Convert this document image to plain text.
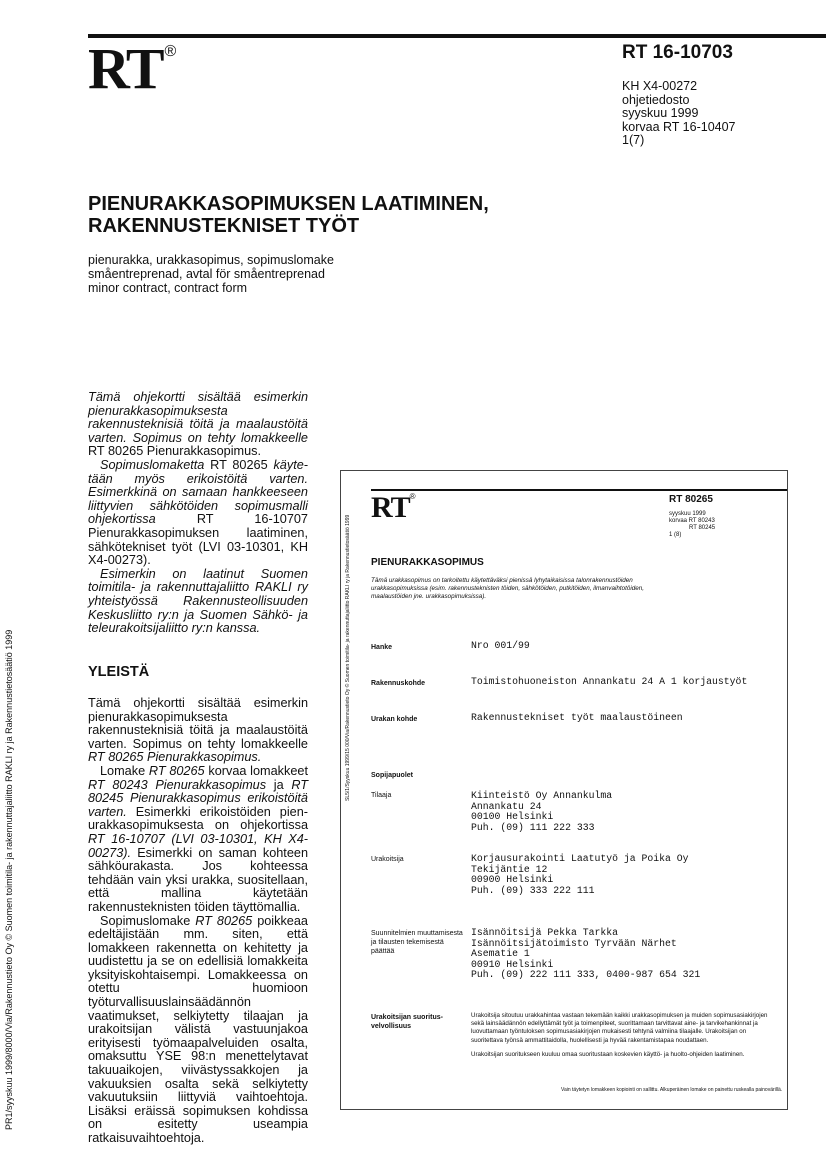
RT ®	RT 16-10703
KH X4-00272
ohjetiedosto
syyskuu 1999
korvaa RT 16-10407
1(7)
PIENURAKKASOPIMUKSEN LAATIMINEN,
RAKENNUSTEKNISET TYÖT
pienurakka, urakkasopimus, sopimuslomake
småentreprenad, avtal för småentreprenad
minor contract, contract form

Tämä ohjekortti sisältää esimerkin pienurakkasopimuksesta rakennusteknisiä töitä ja maalaustöitä varten. Sopimus on tehty lomakkeelle RT 80265 Pienurakkasopimus.

Sopimuslomaketta RT 80265 käytetään myös erikoistöitä varten. Esimerkkinä on samaan hankkeeseen liittyvien sähkötöiden sopimusmalli ohjekortissa	RT 16-10707 Pienurakkasopimuksen laatiminen, sähkötekniset työt (LVI 03-10301, KH X4-00273).

Esimerkin on laatinut Suomen toimitila- ja rakennuttajaliitto RAKLI ry yhteistyössä Rakennusteollisuuden Keskusliitto ry:n ja Suomen Sähkö- ja teleurakoitsijaliitto ry:n kanssa.

YLEISTÄ

Tämä ohjekortti sisältää esimerkin pienurakkasopimuksesta rakennusteknisiä töitä ja maalaustöitä varten. Sopimus on tehty lomakkeelle RT 80265 Pienurakkasopimus.

Lomake RT 80265 korvaa lomakkeet RT 80243 Pienurakkasopimus ja RT 80245 Pienurakkasopimus erikoistöitä varten. Esimerkki erikoistöiden pienurakkasopimuksesta on ohjekortissa RT 16-10707 (LVI 03-10301, KH X4-00273). Esimerkki on saman kohteen sähköurakasta. Jos kohteessa tehdään vain yksi urakka, suositellaan, että mallina käytetään rakennusteknisten töiden täyttömallia.

Sopimuslomake RT 80265 poikkeaa edeltäjistään mm. siten, että lomakkeen rakennetta on kehitetty ja uudistettu ja se on edellisiä lomakkeita yksityiskohtaisempi. Lomakkeessa on otettu huomioon työturvallisuuslainsäädännön vaatimukset, selkiytetty tilaajan ja urakoitsijan välistä vastuunjakoa erityisesti työmaapalveluiden osalta, omaksuttu YSE 98:n menettelytavat takuuaikojen, viivästyssakkojen ja vakuuksien osalta sekä selkiytetty vakuutuksiin liittyviä vaihtoehtoja. Lisäksi eräissä sopimuksen kohdissa on esitetty useampia ratkaisuvaihtoehtoja.

PR1/syyskuu 1999/8000/Via/Rakennustieto Oy © Suomen toimitila- ja rakennuttajaliitto RAKLI ry ja Rakennustietosäätiö 1999
RT®	RT 80265
syyskuu 1999
korvaa RT 80243
RT 80245
1 (8)
PIENURAKKASOPIMUS
Tämä urakkasopimus on tarkoitettu käytettäväksi pienissä lyhytaikaisissa talonrakennustöiden urakkasopimuksissa (esim. rakennusteknisten töiden, sähkötöiden, putkitöiden, ilmanvaihtotöiden, maalaustöiden jne. urakkasopimuksissa).
Hanke	Nro 001/99
Rakennuskohde	Toimistohuoneiston Annankatu 24 A 1 korjaustyöt
Urakan kohde	Rakennustekniset työt maalaustöineen
Sopijapuolet
Tilaaja	Kiinteistö Oy Annankulma
Annankatu 24
00100 Helsinki
Puh. (09) 111 222 333
Urakoitsija	Korjausurakointi Laatutyö ja Poika Oy
Tekijäntie 12
00900 Helsinki
Puh. (09) 333 222 111
Suunnitelmien muuttamisesta
ja tilausten tekemisestä
päättää
Isännöitsijä Pekka Tarkka
Isännöitsijätoimisto Tyrvään Närhet
Asematie 1
00910 Helsinki
Puh. (09) 222 111 333, 0400-987 654 321
Urakoitsijan suoritus-
velvollisuus

Urakoitsija sitoutuu urakkahintaa vastaan tekemään kaikki urakkasopimuksen ja muiden sopimusasiakirjojen sekä lainsäädännön edellyttämät työt ja toimenpiteet, suorittamaan tarvittavat aine- ja tarvikehankinnat ja luovuttamaan työntuloksen sopimusasiakirjojen mukaisesti tehtynä valmiina tilaajalle. Urakoitsijan on suoritettava työnsä ammattitaidolla, huolellisesti ja hyvää rakentamistapaa noudattaen.

Urakoitsijan suoritukseen kuuluu omaa suoritustaan koskevien käyttö- ja huolto-ohjeiden laatiminen.

Vain täytetyn lomakkeen kopiointi on sallittu. Alkuperäinen lomake on painettu ruskealla painovärillä.
SL5/1/Syyskuu 1999/15 000/Via/Rakennustieto Oy © Suomen toimitila- ja rakennuttajaliitto RAKLI ry ja Rakennustietosäätiö 1999
